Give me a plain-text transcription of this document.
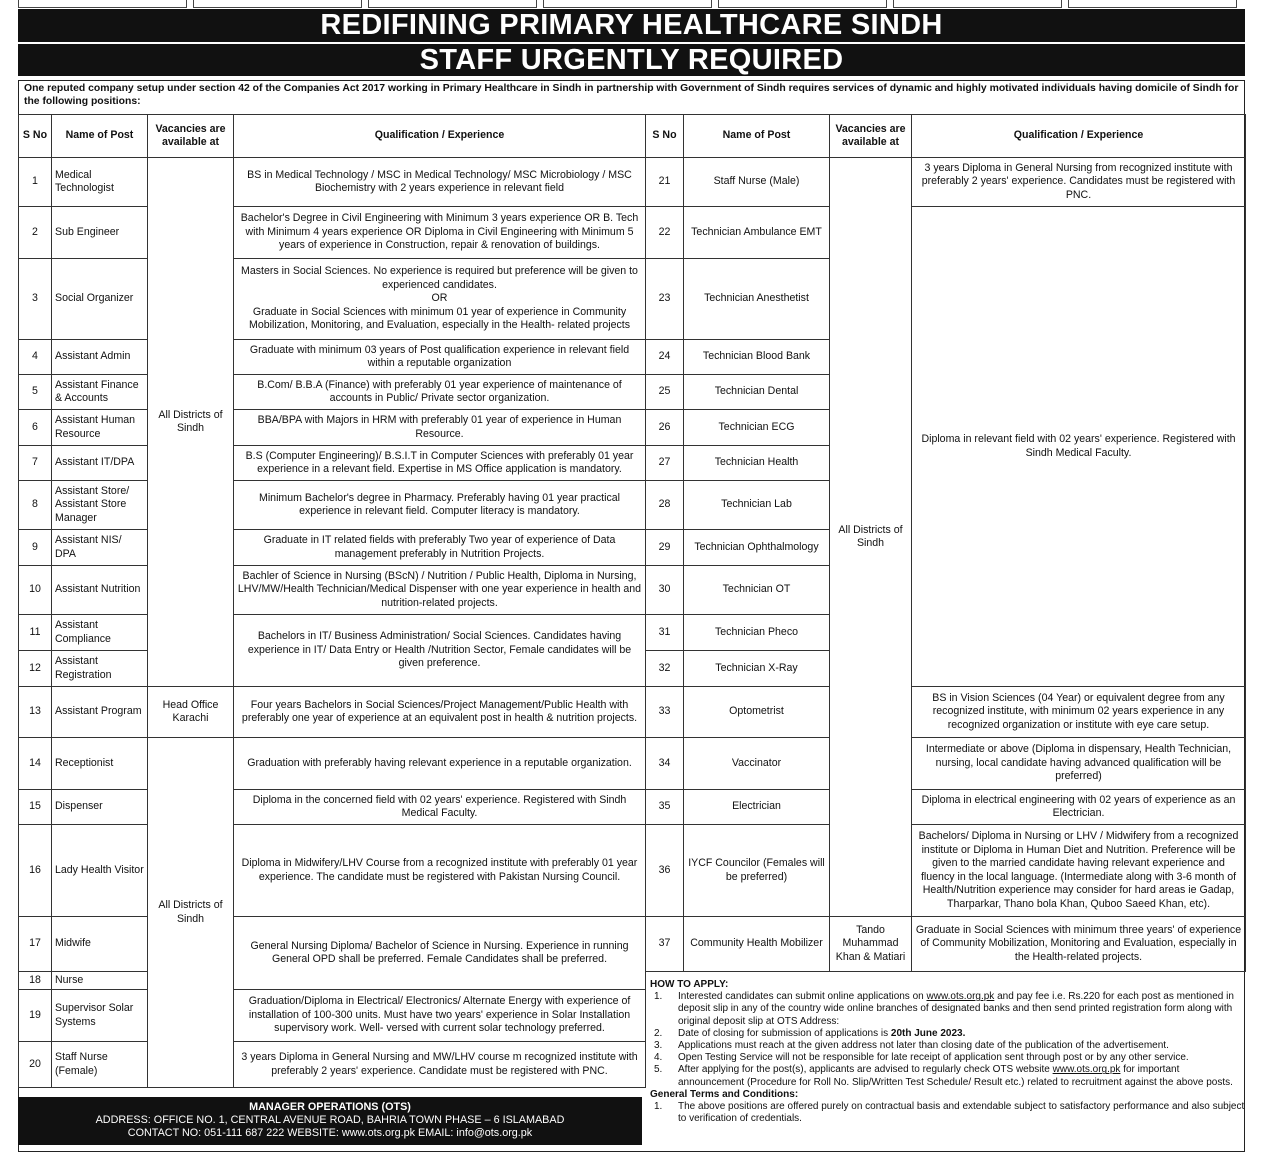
REDIFINING PRIMARY HEALTHCARE SINDH
STAFF URGENTLY REQUIRED
One reputed company setup under section 42 of the Companies Act 2017 working in Primary Healthcare in Sindh in partnership with Government of Sindh requires services of dynamic and highly motivated individuals having domicile of Sindh for the following positions:
S No	Name of Post	Vacancies are available at	Qualification / Experience
1	Medical Technologist	All Districts of Sindh	BS in Medical Technology / MSC in Medical Technology/ MSC Microbiology / MSC Biochemistry with 2 years experience in relevant field
2	Sub Engineer		Bachelor's Degree in Civil Engineering with Minimum 3 years experience OR B. Tech with Minimum 4 years experience OR Diploma in Civil Engineering with Minimum 5 years of experience in Construction, repair & renovation of buildings.
3	Social Organizer		Masters in Social Sciences. No experience is required but preference will be given to experienced candidates.
OR
Graduate in Social Sciences with minimum 01 year of experience in Community Mobilization, Monitoring, and Evaluation, especially in the Health- related projects

4	Assistant Admin		Graduate with minimum 03 years of Post qualification experience in relevant field within a reputable organization
5	Assistant Finance & Accounts		B.Com/ B.B.A (Finance) with preferably 01 year experience of maintenance of accounts in Public/ Private sector organization.
6	Assistant Human Resource		BBA/BPA with Majors in HRM with preferably 01 year of experience in Human Resource.
7	Assistant IT/DPA		B.S (Computer Engineering)/ B.S.I.T in Computer Sciences with preferably 01 year experience in a relevant field. Expertise in MS Office application is mandatory.
8	Assistant Store/ Assistant Store Manager		Minimum Bachelor's degree in Pharmacy. Preferably having 01 year practical experience in relevant field. Computer literacy is mandatory.
9	Assistant NIS/ DPA		Graduate in IT related fields with preferably Two year of experience of Data management preferably in Nutrition Projects.
10	Assistant Nutrition		Bachler of Science in Nursing (BScN) / Nutrition / Public Health, Diploma in Nursing, LHV/MW/Health Technician/Medical Dispenser with one year experience in health and nutrition-related projects.
11	Assistant Compliance		Bachelors in IT/ Business Administration/ Social Sciences. Candidates having experience in IT/ Data Entry or Health /Nutrition Sector, Female candidates will be given preference.
12	Assistant Registration		
13	Assistant Program	Head Office Karachi	Four years Bachelors in Social Sciences/Project Management/Public Health with preferably one year of experience at an equivalent post in health & nutrition projects.
14	Receptionist	All Districts of Sindh	Graduation with preferably having relevant experience in a reputable organization.
15	Dispenser		Diploma in the concerned field with 02 years' experience. Registered with Sindh Medical Faculty.
16	Lady Health Visitor		Diploma in Midwifery/LHV Course from a recognized institute with preferably 01 year experience. The candidate must be registered with Pakistan Nursing Council.
17	Midwife		General Nursing Diploma/ Bachelor of Science in Nursing. Experience in running General OPD shall be preferred. Female Candidates shall be preferred.
18	Nurse		
19	Supervisor Solar Systems		Graduation/Diploma in Electrical/ Electronics/ Alternate Energy with experience of installation of 100-300 units. Must have two years' experience in Solar Installation supervisory work. Well- versed with current solar technology preferred.
20	Staff Nurse (Female)		3 years Diploma in General Nursing and MW/LHV course m recognized institute with preferably 2 years' experience. Candidate must be registered with PNC.
S No	Name of Post	Vacancies are available at	Qualification / Experience
21	Staff Nurse (Male)	All Districts of Sindh	3 years Diploma in General Nursing from recognized institute with preferably 2 years' experience. Candidates must be registered with PNC.
22	Technician Ambulance EMT		Diploma in relevant field with 02 years' experience. Registered with Sindh Medical Faculty.
23	Technician Anesthetist		
24	Technician Blood Bank		
25	Technician Dental		
26	Technician ECG		
27	Technician Health		
28	Technician Lab		
29	Technician Ophthalmology		
30	Technician OT		
31	Technician Pheco		
32	Technician X-Ray		
33	Optometrist		BS in Vision Sciences (04 Year) or equivalent degree from any recognized institute, with minimum 02 years experience in any recognized organization or institute with eye care setup.
34	Vaccinator		Intermediate or above (Diploma in dispensary, Health Technician, nursing, local candidate having advanced qualification will be preferred)
35	Electrician		Diploma in electrical engineering with 02 years of experience as an Electrician.
36	IYCF Councilor (Females will be preferred)		Bachelors/ Diploma in Nursing or LHV / Midwifery from a recognized institute or Diploma in Human Diet and Nutrition. Preference will be given to the married candidate having relevant experience and fluency in the local language. (Intermediate along with 3-6 month of Health/Nutrition experience may consider for hard areas ie Gadap, Tharparkar, Thano bola Khan, Quboo Saeed Khan, etc).
37	Community Health Mobilizer	Tando Muhammad Khan & Matiari	Graduate in Social Sciences with minimum three years' of experience of Community Mobilization, Monitoring and Evaluation, especially in the Health-related projects.
HOW TO APPLY:
1.	Interested candidates can submit online applications on www.ots.org.pk and pay fee i.e. Rs.220 for each post as mentioned in deposit slip in any of the country wide online branches of designated banks and then send printed registration form along with original deposit slip at OTS Address:
2.	Date of closing for submission of applications is 20th June 2023.
3.	Applications must reach at the given address not later than closing date of the publication of the advertisement.
4.	Open Testing Service will not be responsible for late receipt of application sent through post or by any other service.
5.	After applying for the post(s), applicants are advised to regularly check OTS website www.ots.org.pk for important announcement (Procedure for Roll No. Slip/Written Test Schedule/ Result etc.) related to recruitment against the above posts.
General Terms and Conditions:
1.	The above positions are offered purely on contractual basis and extendable subject to satisfactory performance and also subject to verification of credentials.
MANAGER OPERATIONS (OTS)
ADDRESS: OFFICE NO. 1, CENTRAL AVENUE ROAD, BAHRIA TOWN PHASE – 6 ISLAMABAD
CONTACT NO: 051-111 687 222 WEBSITE: www.ots.org.pk EMAIL: info@ots.org.pk
